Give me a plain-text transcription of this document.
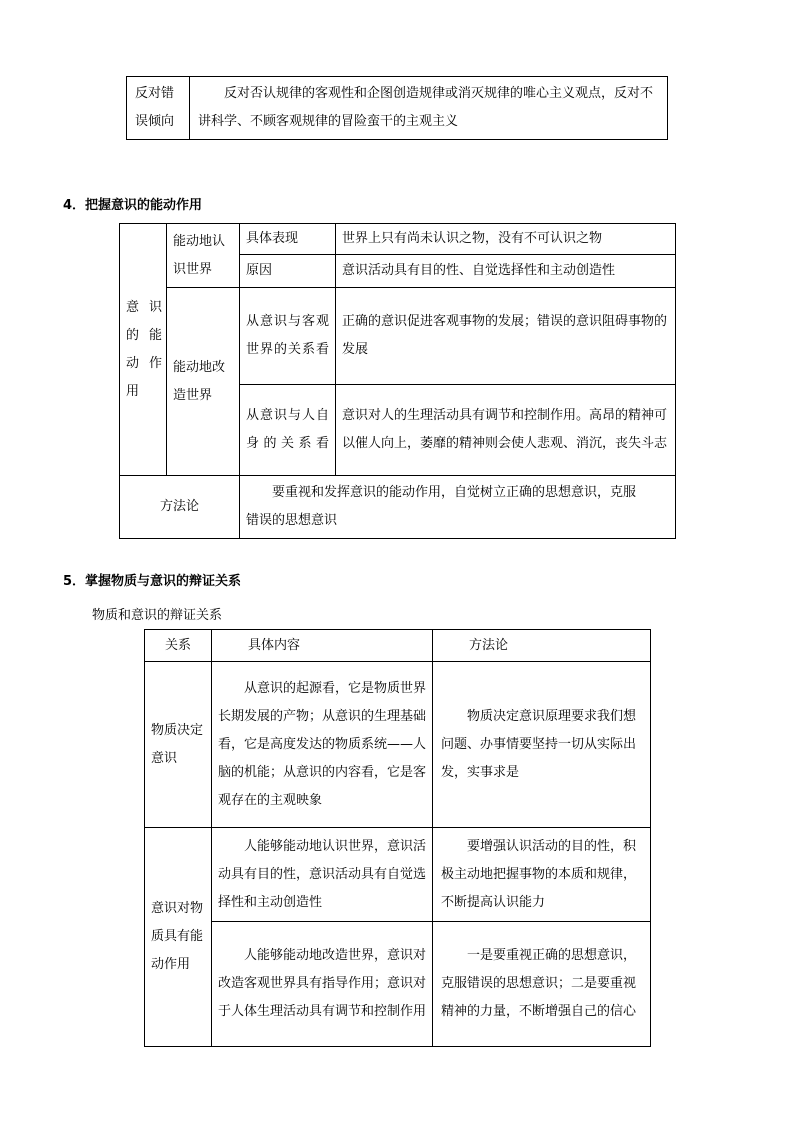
反对错误倾向	反对否认规律的客观性和企图创造规律或消灭规律的唯心主义观点，反对不讲科学、不顾客观规律的冒险蛮干的主观主义
4．把握意识的能动作用
意识的能动作用	能动地认识世界	具体表现	世界上只有尚未认识之物，没有不可认识之物
		原因	意识活动具有目的性、自觉选择性和主动创造性
	能动地改造世界	从意识与客观世界的关系看	正确的意识促进客观事物的发展；错误的意识阻碍事物的发展
		从意识与人自身的关系看	意识对人的生理活动具有调节和控制作用。高昂的精神可以催人向上，萎靡的精神则会使人悲观、消沉，丧失斗志
方法论		要重视和发挥意识的能动作用，自觉树立正确的思想意识，克服错误的思想意识	
5．掌握物质与意识的辩证关系
物质和意识的辩证关系
关系	具体内容	方法论
物质决定意识	从意识的起源看，它是物质世界长期发展的产物；从意识的生理基础看，它是高度发达的物质系统——人脑的机能；从意识的内容看，它是客观存在的主观映象	物质决定意识原理要求我们想问题、办事情要坚持一切从实际出发，实事求是
意识对物质具有能动作用	人能够能动地认识世界，意识活动具有目的性，意识活动具有自觉选择性和主动创造性	要增强认识活动的目的性，积极主动地把握事物的本质和规律，不断提高认识能力
	人能够能动地改造世界，意识对改造客观世界具有指导作用；意识对于人体生理活动具有调节和控制作用	一是要重视正确的思想意识，克服错误的思想意识；二是要重视精神的力量，不断增强自己的信心
